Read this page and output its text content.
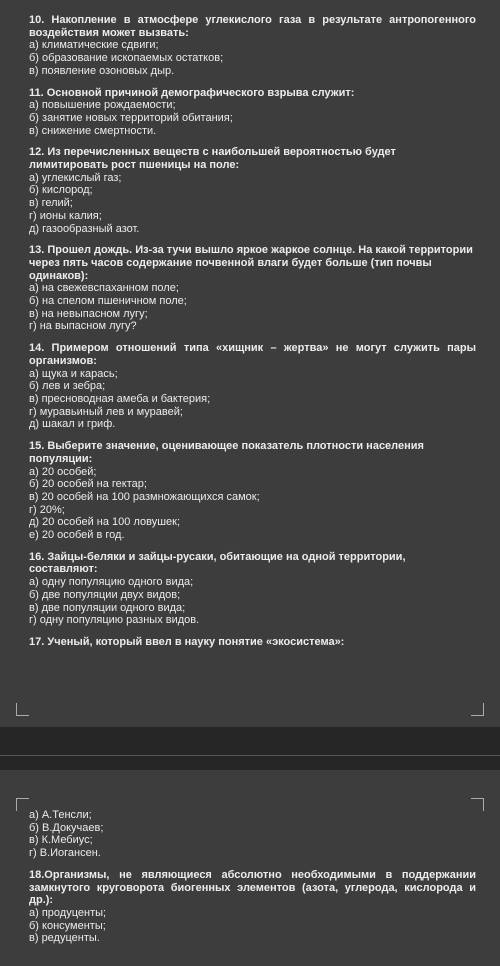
10. Накопление в атмосфере углекислого газа в результате антропогенного воздействия может вызвать:
а) климатические сдвиги;
б) образование ископаемых остатков;
в) появление озоновых дыр.
11. Основной причиной демографического взрыва служит:
а) повышение рождаемости;
б) занятие новых территорий обитания;
в) снижение смертности.
12. Из перечисленных веществ с наибольшей вероятностью будет лимитировать рост пшеницы на поле:
а) углекислый газ;
б) кислород;
в) гелий;
г) ионы калия;
д) газообразный азот.
13. Прошел дождь. Из-за тучи вышло яркое жаркое солнце. На какой территории через пять часов содержание почвенной влаги будет больше (тип почвы одинаков):
а) на свежевспаханном поле;
б) на спелом пшеничном поле;
в) на невыпасном лугу;
г) на выпасном лугу?
14. Примером отношений типа «хищник – жертва» не могут служить пары организмов:
а) щука и карась;
б) лев и зебра;
в) пресноводная амеба и бактерия;
г) муравьиный лев и муравей;
д) шакал и гриф.
15. Выберите значение, оценивающее показатель плотности населения популяции:
а) 20 особей;
б) 20 особей на гектар;
в) 20 особей на 100 размножающихся самок;
г) 20%;
д) 20 особей на 100 ловушек;
е) 20 особей в год.
16. Зайцы-беляки и зайцы-русаки, обитающие на одной территории, составляют:
а) одну популяцию одного вида;
б) две популяции двух видов;
в) две популяции одного вида;
г) одну популяцию разных видов.
17. Ученый, который ввел в науку понятие «экосистема»:
а) А.Тенсли;
б) В.Докучаев;
в) К.Мебиус;
г) В.Иогансен.
18.Организмы, не являющиеся абсолютно необходимыми в поддержании замкнутого круговорота биогенных элементов (азота, углерода, кислорода и др.):
а) продуценты;
б) консументы;
в) редуценты.
